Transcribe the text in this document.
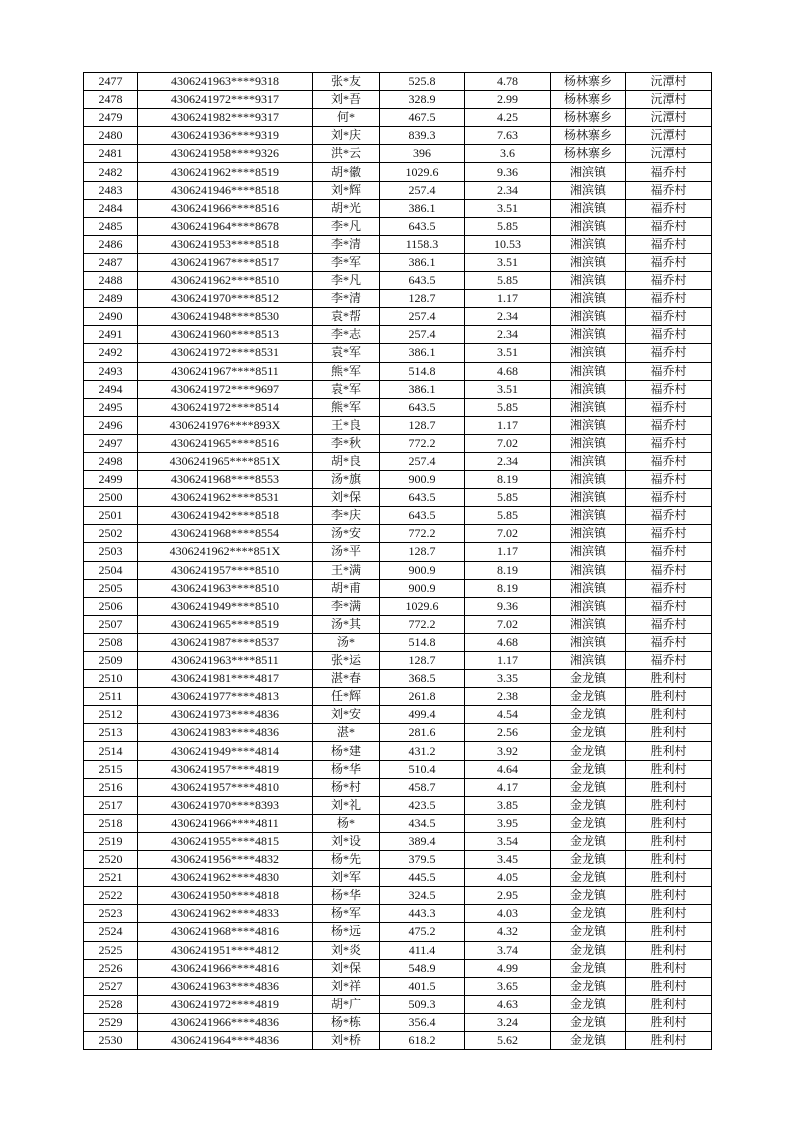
2477	4306241963****9318	张*友	525.8	4.78	杨林寨乡	沅潭村
2478	4306241972****9317	刘*吾	328.9	2.99	杨林寨乡	沅潭村
2479	4306241982****9317	何*	467.5	4.25	杨林寨乡	沅潭村
2480	4306241936****9319	刘*庆	839.3	7.63	杨林寨乡	沅潭村
2481	4306241958****9326	洪*云	396	3.6	杨林寨乡	沅潭村
2482	4306241962****8519	胡*徽	1029.6	9.36	湘滨镇	福乔村
2483	4306241946****8518	刘*辉	257.4	2.34	湘滨镇	福乔村
2484	4306241966****8516	胡*光	386.1	3.51	湘滨镇	福乔村
2485	4306241964****8678	李*凡	643.5	5.85	湘滨镇	福乔村
2486	4306241953****8518	李*清	1158.3	10.53	湘滨镇	福乔村
2487	4306241967****8517	李*军	386.1	3.51	湘滨镇	福乔村
2488	4306241962****8510	李*凡	643.5	5.85	湘滨镇	福乔村
2489	4306241970****8512	李*清	128.7	1.17	湘滨镇	福乔村
2490	4306241948****8530	袁*帮	257.4	2.34	湘滨镇	福乔村
2491	4306241960****8513	李*志	257.4	2.34	湘滨镇	福乔村
2492	4306241972****8531	袁*军	386.1	3.51	湘滨镇	福乔村
2493	4306241967****8511	熊*军	514.8	4.68	湘滨镇	福乔村
2494	4306241972****9697	袁*军	386.1	3.51	湘滨镇	福乔村
2495	4306241972****8514	熊*军	643.5	5.85	湘滨镇	福乔村
2496	4306241976****893X	王*良	128.7	1.17	湘滨镇	福乔村
2497	4306241965****8516	李*秋	772.2	7.02	湘滨镇	福乔村
2498	4306241965****851X	胡*良	257.4	2.34	湘滨镇	福乔村
2499	4306241968****8553	汤*旗	900.9	8.19	湘滨镇	福乔村
2500	4306241962****8531	刘*保	643.5	5.85	湘滨镇	福乔村
2501	4306241942****8518	李*庆	643.5	5.85	湘滨镇	福乔村
2502	4306241968****8554	汤*安	772.2	7.02	湘滨镇	福乔村
2503	4306241962****851X	汤*平	128.7	1.17	湘滨镇	福乔村
2504	4306241957****8510	王*满	900.9	8.19	湘滨镇	福乔村
2505	4306241963****8510	胡*甫	900.9	8.19	湘滨镇	福乔村
2506	4306241949****8510	李*满	1029.6	9.36	湘滨镇	福乔村
2507	4306241965****8519	汤*其	772.2	7.02	湘滨镇	福乔村
2508	4306241987****8537	汤*	514.8	4.68	湘滨镇	福乔村
2509	4306241963****8511	张*运	128.7	1.17	湘滨镇	福乔村
2510	4306241981****4817	湛*春	368.5	3.35	金龙镇	胜利村
2511	4306241977****4813	任*辉	261.8	2.38	金龙镇	胜利村
2512	4306241973****4836	刘*安	499.4	4.54	金龙镇	胜利村
2513	4306241983****4836	湛*	281.6	2.56	金龙镇	胜利村
2514	4306241949****4814	杨*建	431.2	3.92	金龙镇	胜利村
2515	4306241957****4819	杨*华	510.4	4.64	金龙镇	胜利村
2516	4306241957****4810	杨*村	458.7	4.17	金龙镇	胜利村
2517	4306241970****8393	刘*礼	423.5	3.85	金龙镇	胜利村
2518	4306241966****4811	杨*	434.5	3.95	金龙镇	胜利村
2519	4306241955****4815	刘*设	389.4	3.54	金龙镇	胜利村
2520	4306241956****4832	杨*先	379.5	3.45	金龙镇	胜利村
2521	4306241962****4830	刘*军	445.5	4.05	金龙镇	胜利村
2522	4306241950****4818	杨*华	324.5	2.95	金龙镇	胜利村
2523	4306241962****4833	杨*军	443.3	4.03	金龙镇	胜利村
2524	4306241968****4816	杨*远	475.2	4.32	金龙镇	胜利村
2525	4306241951****4812	刘*炎	411.4	3.74	金龙镇	胜利村
2526	4306241966****4816	刘*保	548.9	4.99	金龙镇	胜利村
2527	4306241963****4836	刘*祥	401.5	3.65	金龙镇	胜利村
2528	4306241972****4819	胡*广	509.3	4.63	金龙镇	胜利村
2529	4306241966****4836	杨*栋	356.4	3.24	金龙镇	胜利村
2530	4306241964****4836	刘*桥	618.2	5.62	金龙镇	胜利村
